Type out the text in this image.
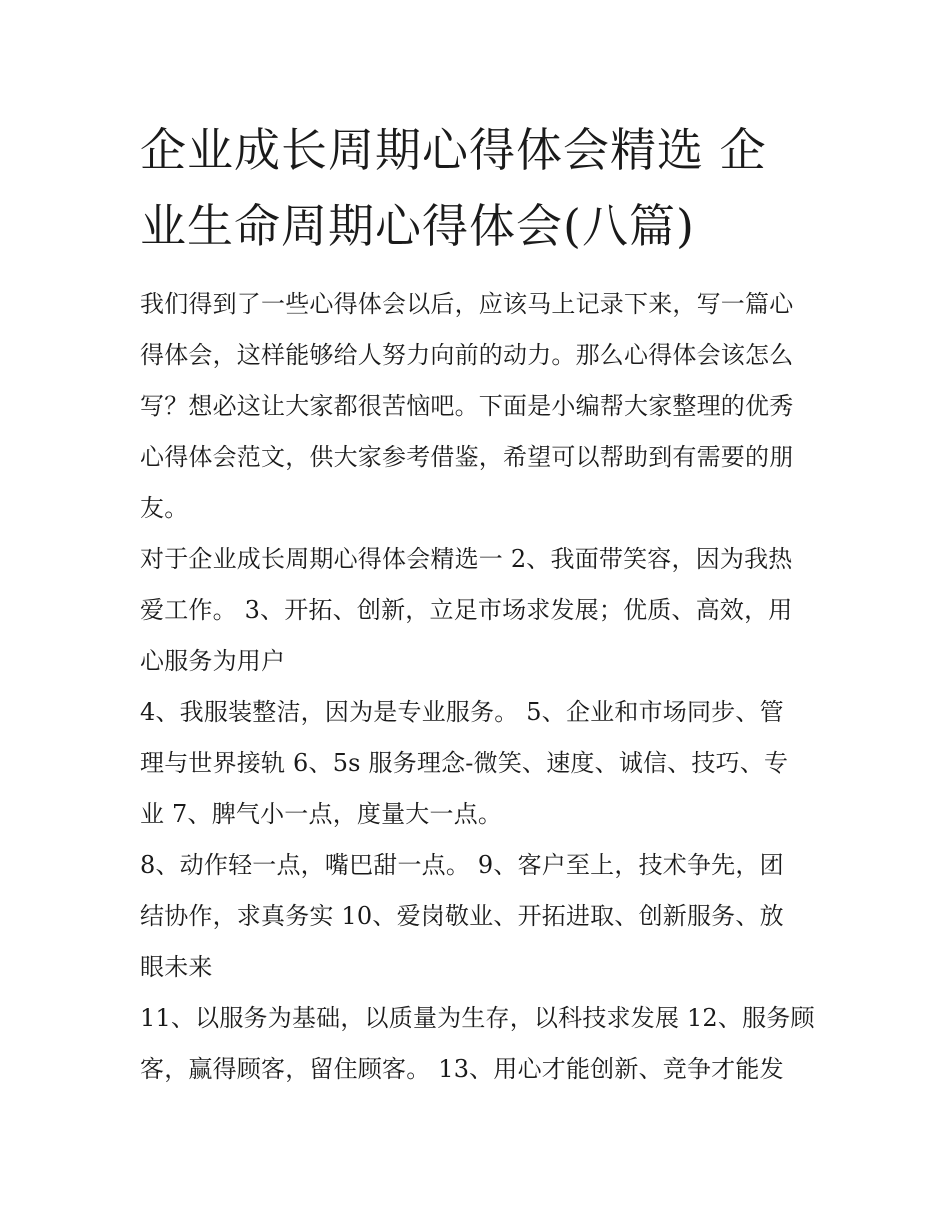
企业成长周期心得体会精选 企
业生命周期心得体会(八篇)

我们得到了一些心得体会以后，应该马上记录下来，写一篇心
得体会，这样能够给人努力向前的动力。那么心得体会该怎么
写？想必这让大家都很苦恼吧。下面是小编帮大家整理的优秀
心得体会范文，供大家参考借鉴，希望可以帮助到有需要的朋
友。

对于企业成长周期心得体会精选一 2、我面带笑容，因为我热
爱工作。 3、开拓、创新，立足市场求发展；优质、高效，用
心服务为用户

4、我服装整洁，因为是专业服务。 5、企业和市场同步、管
理与世界接轨 6、5s 服务理念-微笑、速度、诚信、技巧、专
业 7、脾气小一点，度量大一点。

8、动作轻一点，嘴巴甜一点。 9、客户至上，技术争先，团
结协作，求真务实 10、爱岗敬业、开拓进取、创新服务、放
眼未来

11、以服务为基础，以质量为生存，以科技求发展 12、服务顾
客，赢得顾客，留住顾客。 13、用心才能创新、竞争才能发
